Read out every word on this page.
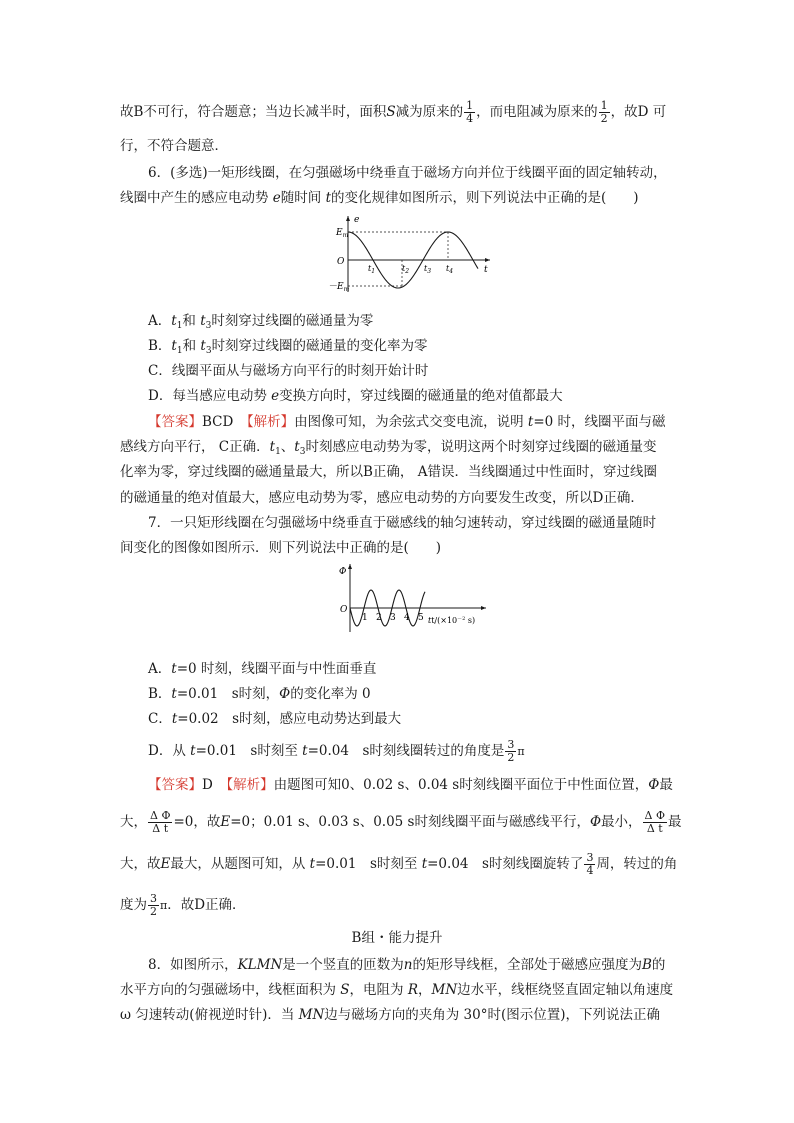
故B不可行，符合题意；当边长减半时，面积S减为原来的 $\frac{1}{4}$ ，而电阻减为原来的 $\frac{1}{2}$ ，故D 可
行，不符合题意．
6．(多选)一矩形线圈，在匀强磁场中绕垂直于磁场方向并位于线圈平面的固定轴转动，
线圈中产生的感应电动势 e随时间 t的变化规律如图所示，则下列说法中正确的是(　　)
e
t
O
$E_m$
$-E_m$
$t_1$	$t_2$ $t_3$ $t_4$
A．$t_1$和 $t_3$时刻穿过线圈的磁通量为零
B．$t_1$和 $t_3$时刻穿过线圈的磁通量的变化率为零
C．线圈平面从与磁场方向平行的时刻开始计时
D．每当感应电动势 e变换方向时，穿过线圈的磁通量的绝对值都最大
【答案】BCD　 【解析】由图像可知，为余弦式交变电流，说明 t=0 时，线圈平面与磁
感线方向平行， C正确．$t_1$、$t_3$时刻感应电动势为零，说明这两个时刻穿过线圈的磁通量变
化率为零，穿过线圈的磁通量最大，所以B正确， A错误．当线圈通过中性面时，穿过线圈
的磁通量的绝对值最大，感应电动势为零，感应电动势的方向要发生改变，所以D正确．
7．一只矩形线圈在匀强磁场中绕垂直于磁感线的轴匀速转动，穿过线圈的磁通量随时
间变化的图像如图所示．则下列说法中正确的是(　　)
Φ
O
1 2 3 4 5 $tt/(\times 10^{-2}$ s)
A．t=0 时刻，线圈平面与中性面垂直
B．t=0.01　s时刻，Φ的变化率为 0
C．t=0.02　s时刻，感应电动势达到最大
D．从 t=0.01　s时刻至 t=0.04　s时刻线圈转过的角度是 $\frac{3}{2}$ π
【答案】D　 【解析】由题图可知0、0.02 s、0.04 s时刻线圈平面位于中性面位置，Φ最
大， $\frac{\text{Δ Φ}}{\text{Δ t}} =0$，故E=0；0.01 s、0.03 s、0.05 s时刻线圈平面与磁感线平行，Φ最小， $\frac{\text{Δ Φ}}{\text{Δ t}}$ 最
大，故E最大，从题图可知，从 t=0.01　s时刻至 t=0.04　s时刻线圈旋转了 $\frac{3}{4}$ 周，转过的角
度为 $\frac{3}{2}$ π．故D正确．
B组・能力提升
8．如图所示，KLMN是一个竖直的匝数为n的矩形导线框，全部处于磁感应强度为B的
水平方向的匀强磁场中，线框面积为 S，电阻为 R，MN边水平，线框绕竖直固定轴以角速度
ω 匀速转动(俯视逆时针)．当 MN边与磁场方向的夹角为 30°时(图示位置)，下列说法正确
